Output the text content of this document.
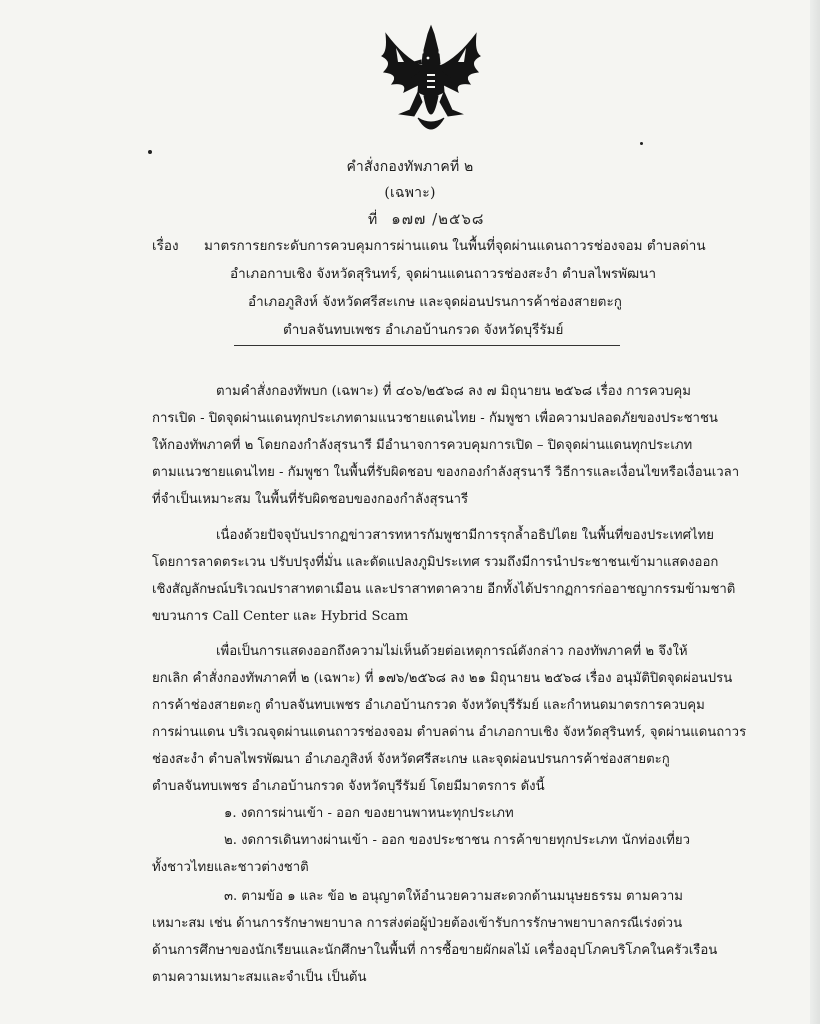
คำสั่งกองทัพภาคที่ ๒
(เฉพาะ)
ที่ ๑๗๗ /๒๕๖๘
เรื่อง มาตรการยกระดับการควบคุมการผ่านแดน ในพื้นที่จุดผ่านแดนถาวรช่องจอม ตำบลด่าน
อำเภอกาบเชิง จังหวัดสุรินทร์, จุดผ่านแดนถาวรช่องสะงำ ตำบลไพรพัฒนา
อำเภอภูสิงห์ จังหวัดศรีสะเกษ และจุดผ่อนปรนการค้าช่องสายตะกู
ตำบลจันทบเพชร อำเภอบ้านกรวด จังหวัดบุรีรัมย์
ตามคำสั่งกองทัพบก (เฉพาะ) ที่ ๔๐๖/๒๕๖๘ ลง ๗ มิถุนายน ๒๕๖๘ เรื่อง การควบคุม
การเปิด - ปิดจุดผ่านแดนทุกประเภทตามแนวชายแดนไทย - กัมพูชา เพื่อความปลอดภัยของประชาชน
ให้กองทัพภาคที่ ๒ โดยกองกำลังสุรนารี มีอำนาจการควบคุมการเปิด – ปิดจุดผ่านแดนทุกประเภท
ตามแนวชายแดนไทย - กัมพูชา ในพื้นที่รับผิดชอบ ของกองกำลังสุรนารี วิธีการและเงื่อนไขหรือเงื่อนเวลา
ที่จำเป็นเหมาะสม ในพื้นที่รับผิดชอบของกองกำลังสุรนารี
เนื่องด้วยปัจจุบันปรากฏข่าวสารทหารกัมพูชามีการรุกล้ำอธิปไตย ในพื้นที่ของประเทศไทย
โดยการลาดตระเวน ปรับปรุงที่มั่น และดัดแปลงภูมิประเทศ รวมถึงมีการนำประชาชนเข้ามาแสดงออก
เชิงสัญลักษณ์บริเวณปราสาทตาเมือน และปราสาทตาควาย อีกทั้งได้ปรากฏการก่ออาชญากรรมข้ามชาติ
ขบวนการ Call Center และ Hybrid Scam
เพื่อเป็นการแสดงออกถึงความไม่เห็นด้วยต่อเหตุการณ์ดังกล่าว กองทัพภาคที่ ๒ จึงให้
ยกเลิก คำสั่งกองทัพภาคที่ ๒ (เฉพาะ) ที่ ๑๗๖/๒๕๖๘ ลง ๒๑ มิถุนายน ๒๕๖๘ เรื่อง อนุมัติปิดจุดผ่อนปรน
การค้าช่องสายตะกู ตำบลจันทบเพชร อำเภอบ้านกรวด จังหวัดบุรีรัมย์ และกำหนดมาตรการควบคุม
การผ่านแดน บริเวณจุดผ่านแดนถาวรช่องจอม ตำบลด่าน อำเภอกาบเชิง จังหวัดสุรินทร์, จุดผ่านแดนถาวร
ช่องสะงำ ตำบลไพรพัฒนา อำเภอภูสิงห์ จังหวัดศรีสะเกษ และจุดผ่อนปรนการค้าช่องสายตะกู
ตำบลจันทบเพชร อำเภอบ้านกรวด จังหวัดบุรีรัมย์ โดยมีมาตรการ ดังนี้
๑. งดการผ่านเข้า - ออก ของยานพาหนะทุกประเภท
๒. งดการเดินทางผ่านเข้า - ออก ของประชาชน การค้าขายทุกประเภท นักท่องเที่ยว
ทั้งชาวไทยและชาวต่างชาติ
๓. ตามข้อ ๑ และ ข้อ ๒ อนุญาตให้อำนวยความสะดวกด้านมนุษยธรรม ตามความ
เหมาะสม เช่น ด้านการรักษาพยาบาล การส่งต่อผู้ป่วยต้องเข้ารับการรักษาพยาบาลกรณีเร่งด่วน
ด้านการศึกษาของนักเรียนและนักศึกษาในพื้นที่ การซื้อขายผักผลไม้ เครื่องอุปโภคบริโภคในครัวเรือน
ตามความเหมาะสมและจำเป็น เป็นต้น
